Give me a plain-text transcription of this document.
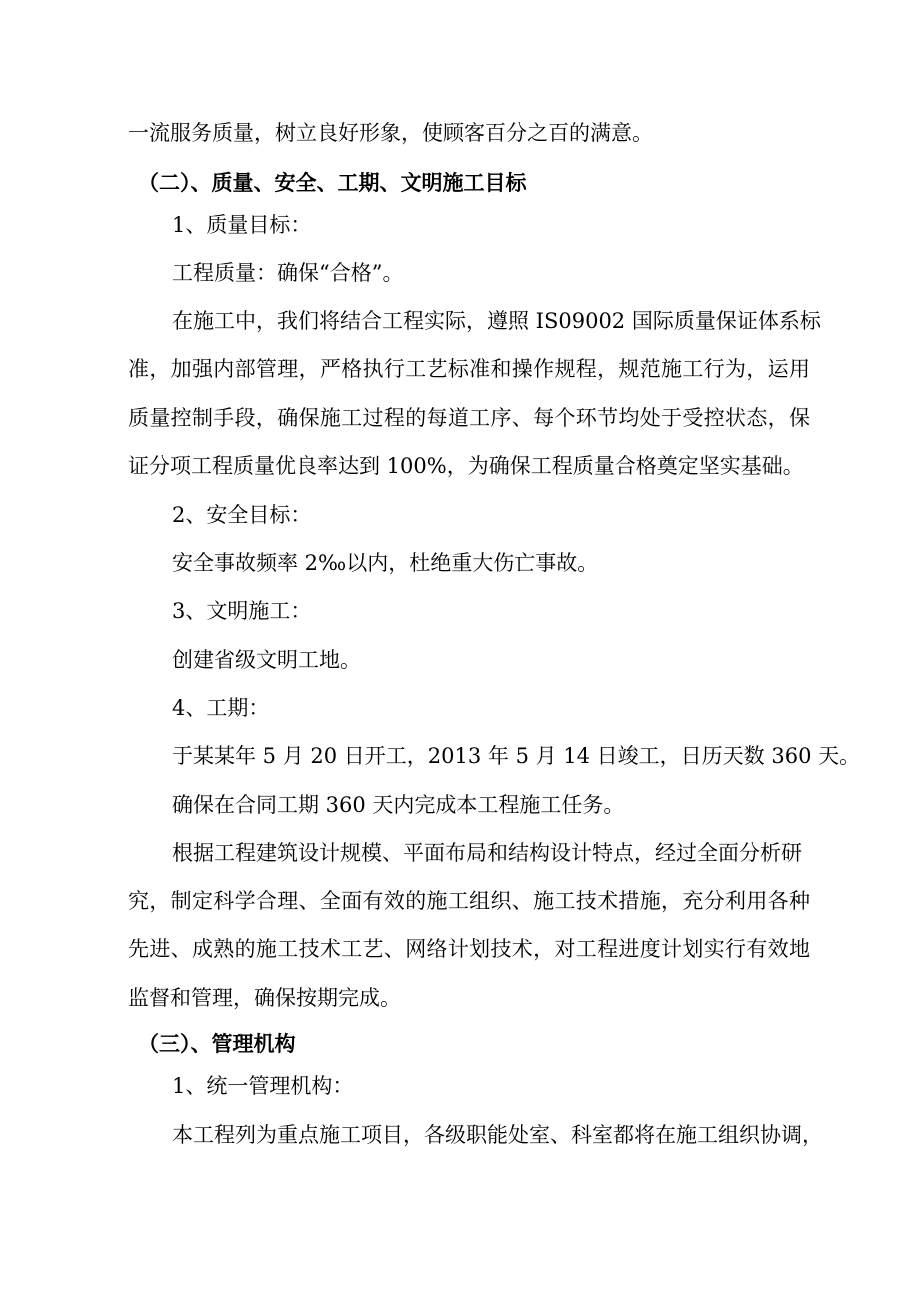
一流服务质量，树立良好形象，使顾客百分之百的满意。
（二）、质量、安全、工期、文明施工目标
1、质量目标：
工程质量：确保“合格”。
在施工中，我们将结合工程实际，遵照 IS09002 国际质量保证体系标
准，加强内部管理，严格执行工艺标准和操作规程，规范施工行为，运用
质量控制手段，确保施工过程的每道工序、每个环节均处于受控状态，保
证分项工程质量优良率达到 100%，为确保工程质量合格奠定坚实基础。
2、安全目标：
安全事故频率 2‰以内，杜绝重大伤亡事故。
3、文明施工：
创建省级文明工地。
4、工期：
于某某年 5 月 20 日开工，2013 年 5 月 14 日竣工，日历天数 360 天。
确保在合同工期 360 天内完成本工程施工任务。
根据工程建筑设计规模、平面布局和结构设计特点，经过全面分析研
究，制定科学合理、全面有效的施工组织、施工技术措施，充分利用各种
先进、成熟的施工技术工艺、网络计划技术，对工程进度计划实行有效地
监督和管理，确保按期完成。
（三）、管理机构
1、统一管理机构：
本工程列为重点施工项目，各级职能处室、科室都将在施工组织协调，
